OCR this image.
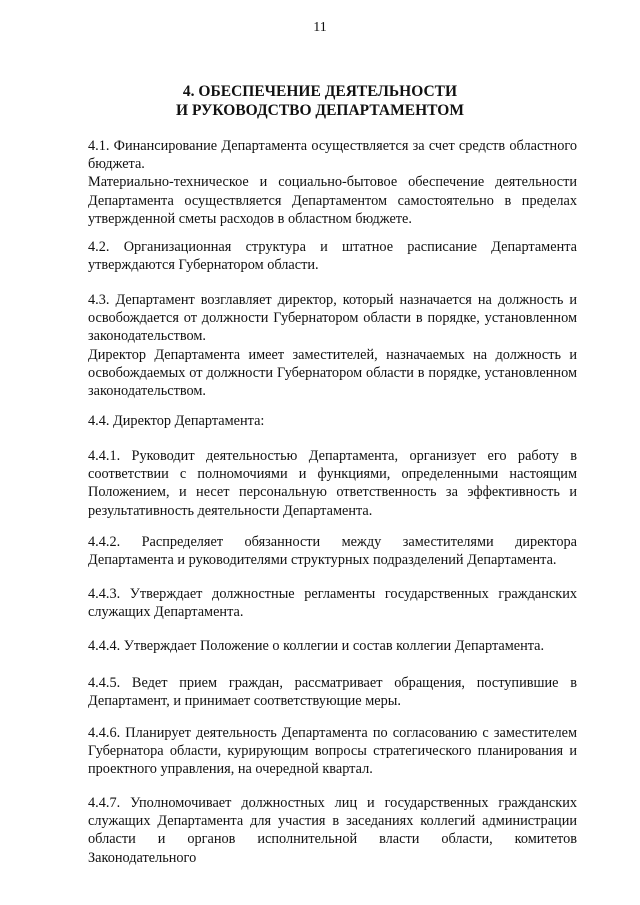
11
4. ОБЕСПЕЧЕНИЕ ДЕЯТЕЛЬНОСТИ
И РУКОВОДСТВО ДЕПАРТАМЕНТОМ

4.1. Финансирование Департамента осуществляется за счет средств областного бюджета.

Материально-техническое и социально-бытовое обеспечение деятельности Департамента осуществляется Департаментом самостоятельно в пределах утвержденной сметы расходов в областном бюджете.

4.2. Организационная структура и штатное расписание Департамента утверждаются Губернатором области.

4.3. Департамент возглавляет директор, который назначается на должность и освобождается от должности Губернатором области в порядке, установленном законодательством.

Директор Департамента имеет заместителей, назначаемых на должность и освобождаемых от должности Губернатором области в порядке, установленном законодательством.

4.4. Директор Департамента:

4.4.1. Руководит деятельностью Департамента, организует его работу в соответствии с полномочиями и функциями, определенными настоящим Положением, и несет персональную ответственность за эффективность и результативность деятельности Департамента.

4.4.2. Распределяет обязанности между заместителями директора Департамента и руководителями структурных подразделений Департамента.

4.4.3. Утверждает должностные регламенты государственных гражданских служащих Департамента.

4.4.4. Утверждает Положение о коллегии и состав коллегии Департамента.

4.4.5. Ведет прием граждан, рассматривает обращения, поступившие в Департамент, и принимает соответствующие меры.

4.4.6. Планирует деятельность Департамента по согласованию с заместителем Губернатора области, курирующим вопросы стратегического планирования и проектного управления, на очередной квартал.

4.4.7. Уполномочивает должностных лиц и государственных гражданских служащих Департамента для участия в заседаниях коллегий администрации области и органов исполнительной власти области, комитетов Законодательного
